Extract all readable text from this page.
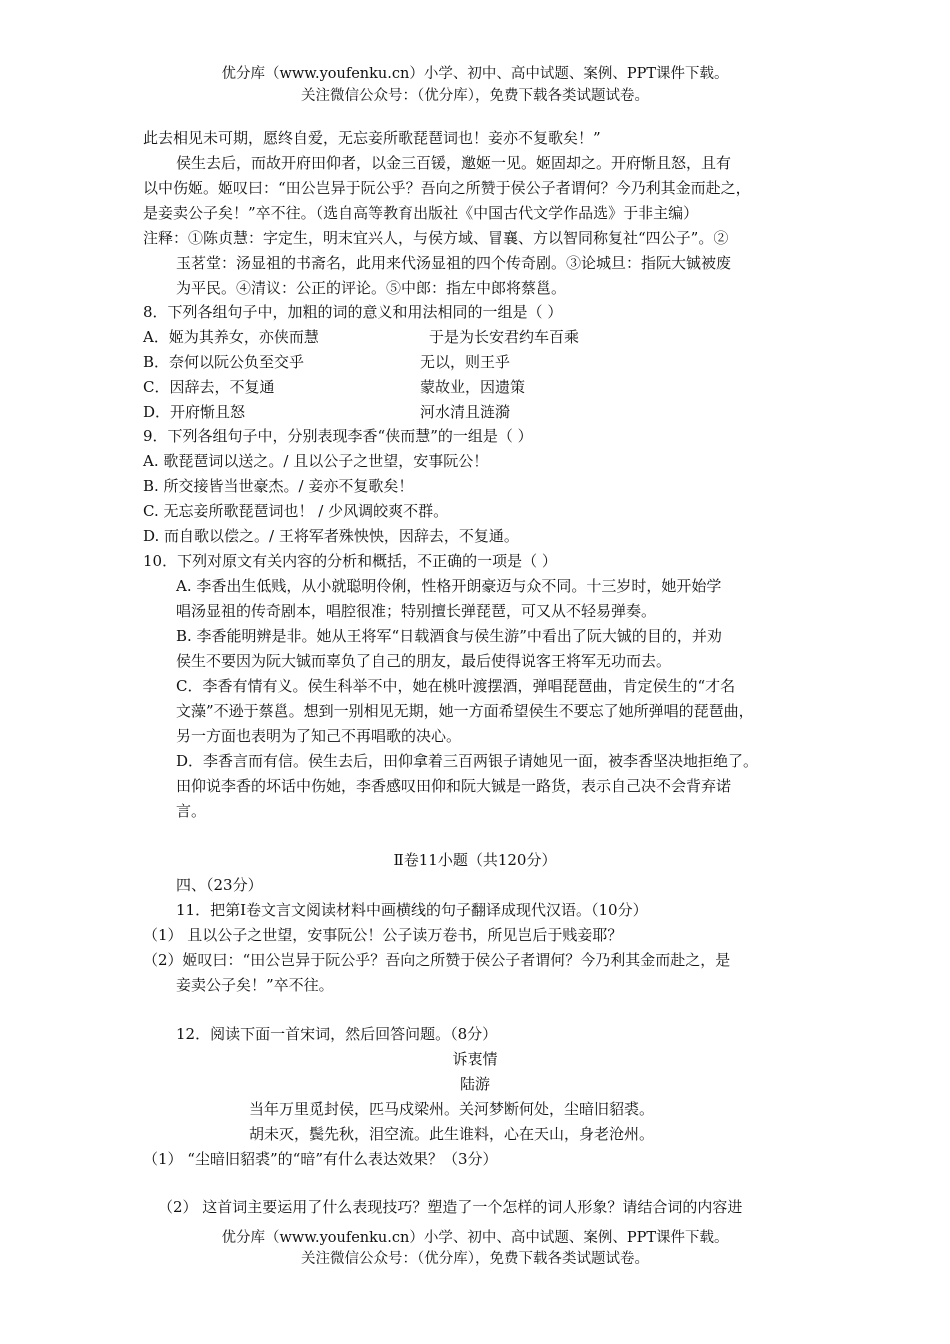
优分库（www.youfenku.cn）小学、初中、高中试题、案例、PPT课件下载。
关注微信公众号：（优分库），免费下载各类试题试卷。
此去相见未可期，愿终自爱，无忘妾所歌琵琶词也！妾亦不复歌矣！”
侯生去后，而故开府田仰者，以金三百锾，邀姬一见。姬固却之。开府惭且怒，且有
以中伤姬。姬叹曰：“田公岂异于阮公乎？吾向之所赞于侯公子者谓何？今乃利其金而赴之，
是妾卖公子矣！”卒不往。（选自高等教育出版社《中国古代文学作品选》于非主编）
注释：①陈贞慧：字定生，明末宜兴人，与侯方域、冒襄、方以智同称复社“四公子”。②
玉茗堂：汤显祖的书斋名，此用来代汤显祖的四个传奇剧。③论城旦：指阮大铖被废
为平民。④清议：公正的评论。⑤中郎：指左中郎将蔡邕。
8．下列各组句子中，加粗的词的意义和用法相同的一组是（ ）
A．姬为其养女，亦侠而慧	于是为长安君约车百乘
B．奈何以阮公负至交乎	无以，则王乎
C．因辞去，不复通	蒙故业，因遗策
D．开府惭且怒	河水清且涟漪
9．下列各组句子中，分别表现李香“侠而慧”的一组是（ ）
A. 歌琵琶词以送之。/ 且以公子之世望，安事阮公！
B. 所交接皆当世豪杰。/ 妾亦不复歌矣！
C. 无忘妾所歌琵琶词也！ / 少风调皎爽不群。
D. 而自歌以偿之。/ 王将军者殊怏怏，因辞去，不复通。
10．下列对原文有关内容的分析和概括，不正确的一项是（ ）
A. 李香出生低贱，从小就聪明伶俐，性格开朗豪迈与众不同。十三岁时，她开始学
唱汤显祖的传奇剧本，唱腔很准；特别擅长弹琵琶，可又从不轻易弹奏。
B. 李香能明辨是非。她从王将军“日载酒食与侯生游”中看出了阮大铖的目的，并劝
侯生不要因为阮大铖而辜负了自己的朋友，最后使得说客王将军无功而去。
C．李香有情有义。侯生科举不中，她在桃叶渡摆酒，弹唱琵琶曲，肯定侯生的“才名
文藻”不逊于蔡邕。想到一别相见无期，她一方面希望侯生不要忘了她所弹唱的琵琶曲，
另一方面也表明为了知己不再唱歌的决心。
D．李香言而有信。侯生去后，田仰拿着三百两银子请她见一面，被李香坚决地拒绝了。
田仰说李香的坏话中伤她，李香感叹田仰和阮大铖是一路货，表示自己决不会背弃诺
言。
Ⅱ卷11小题（共120分）
四、（23分）
11．把第Ⅰ卷文言文阅读材料中画横线的句子翻译成现代汉语。（10分）
（1） 且以公子之世望，安事阮公！公子读万卷书，所见岂后于贱妾耶？
（2）姬叹曰：“田公岂异于阮公乎？吾向之所赞于侯公子者谓何？今乃利其金而赴之，是
妾卖公子矣！”卒不往。
12．阅读下面一首宋词，然后回答问题。（8分）
诉衷情
陆游
当年万里觅封侯，匹马戍梁州。关河梦断何处，尘暗旧貂裘。
胡未灭，鬓先秋，泪空流。此生谁料，心在天山，身老沧州。
（1） “尘暗旧貂裘”的“暗”有什么表达效果？（3分）
（2） 这首词主要运用了什么表现技巧？塑造了一个怎样的词人形象？请结合词的内容进
优分库（www.youfenku.cn）小学、初中、高中试题、案例、PPT课件下载。
关注微信公众号：（优分库），免费下载各类试题试卷。
